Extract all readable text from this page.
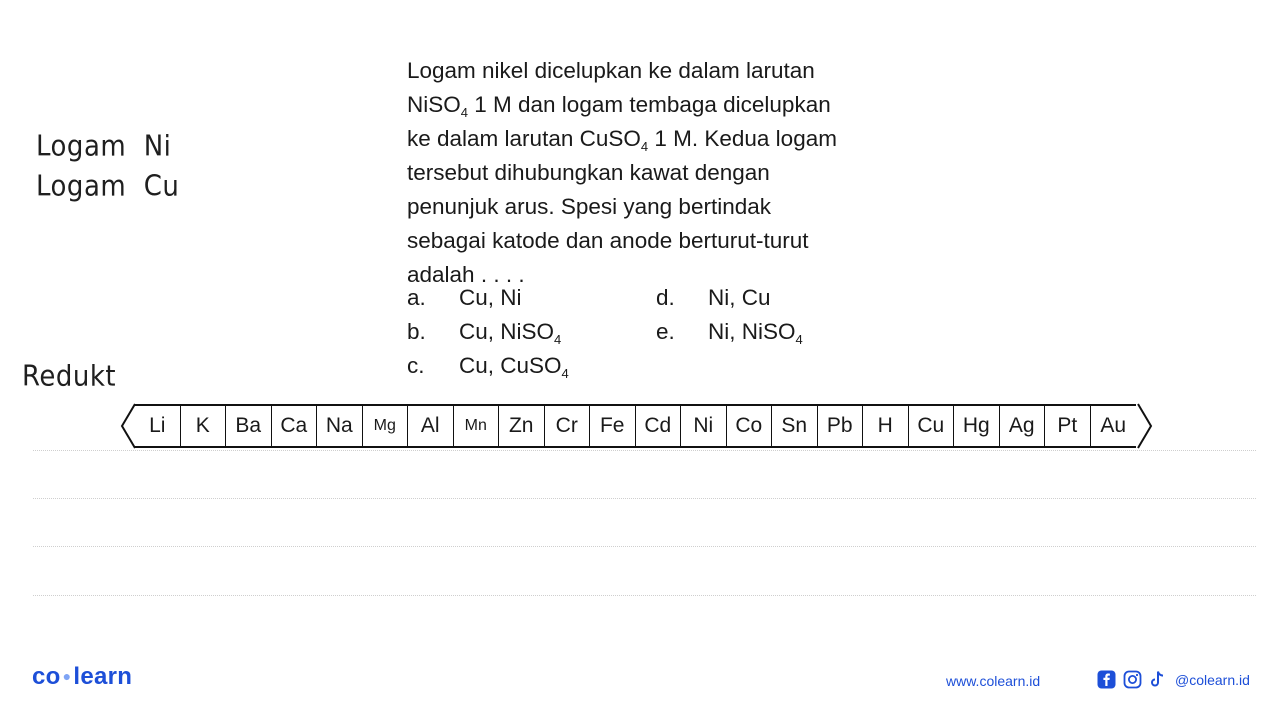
Logam  Ni
Logam  Cu
Redukt

Logam nikel dicelupkan ke dalam larutan

NiSO$_4$ 1 M dan logam tembaga dicelupkan

ke dalam larutan CuSO$_4$ 1 M. Kedua logam

tersebut dihubungkan kawat dengan

penunjuk arus. Spesi yang bertindak

sebagai katode dan anode berturut-turut

adalah . . . .

a. Cu, Ni
b. Cu, NiSO$_4$
c. Cu, CuSO$_4$
d. Ni, Cu
e. Ni, NiSO$_4$
Li	K	Ba Ca Na	Mg	Al	Mn	Zn	Cr	Fe Cd	Ni	Co Sn Pb	H	Cu Hg Ag	Pt	Au
co ●learn	www.colearn.id	@colearn.id
